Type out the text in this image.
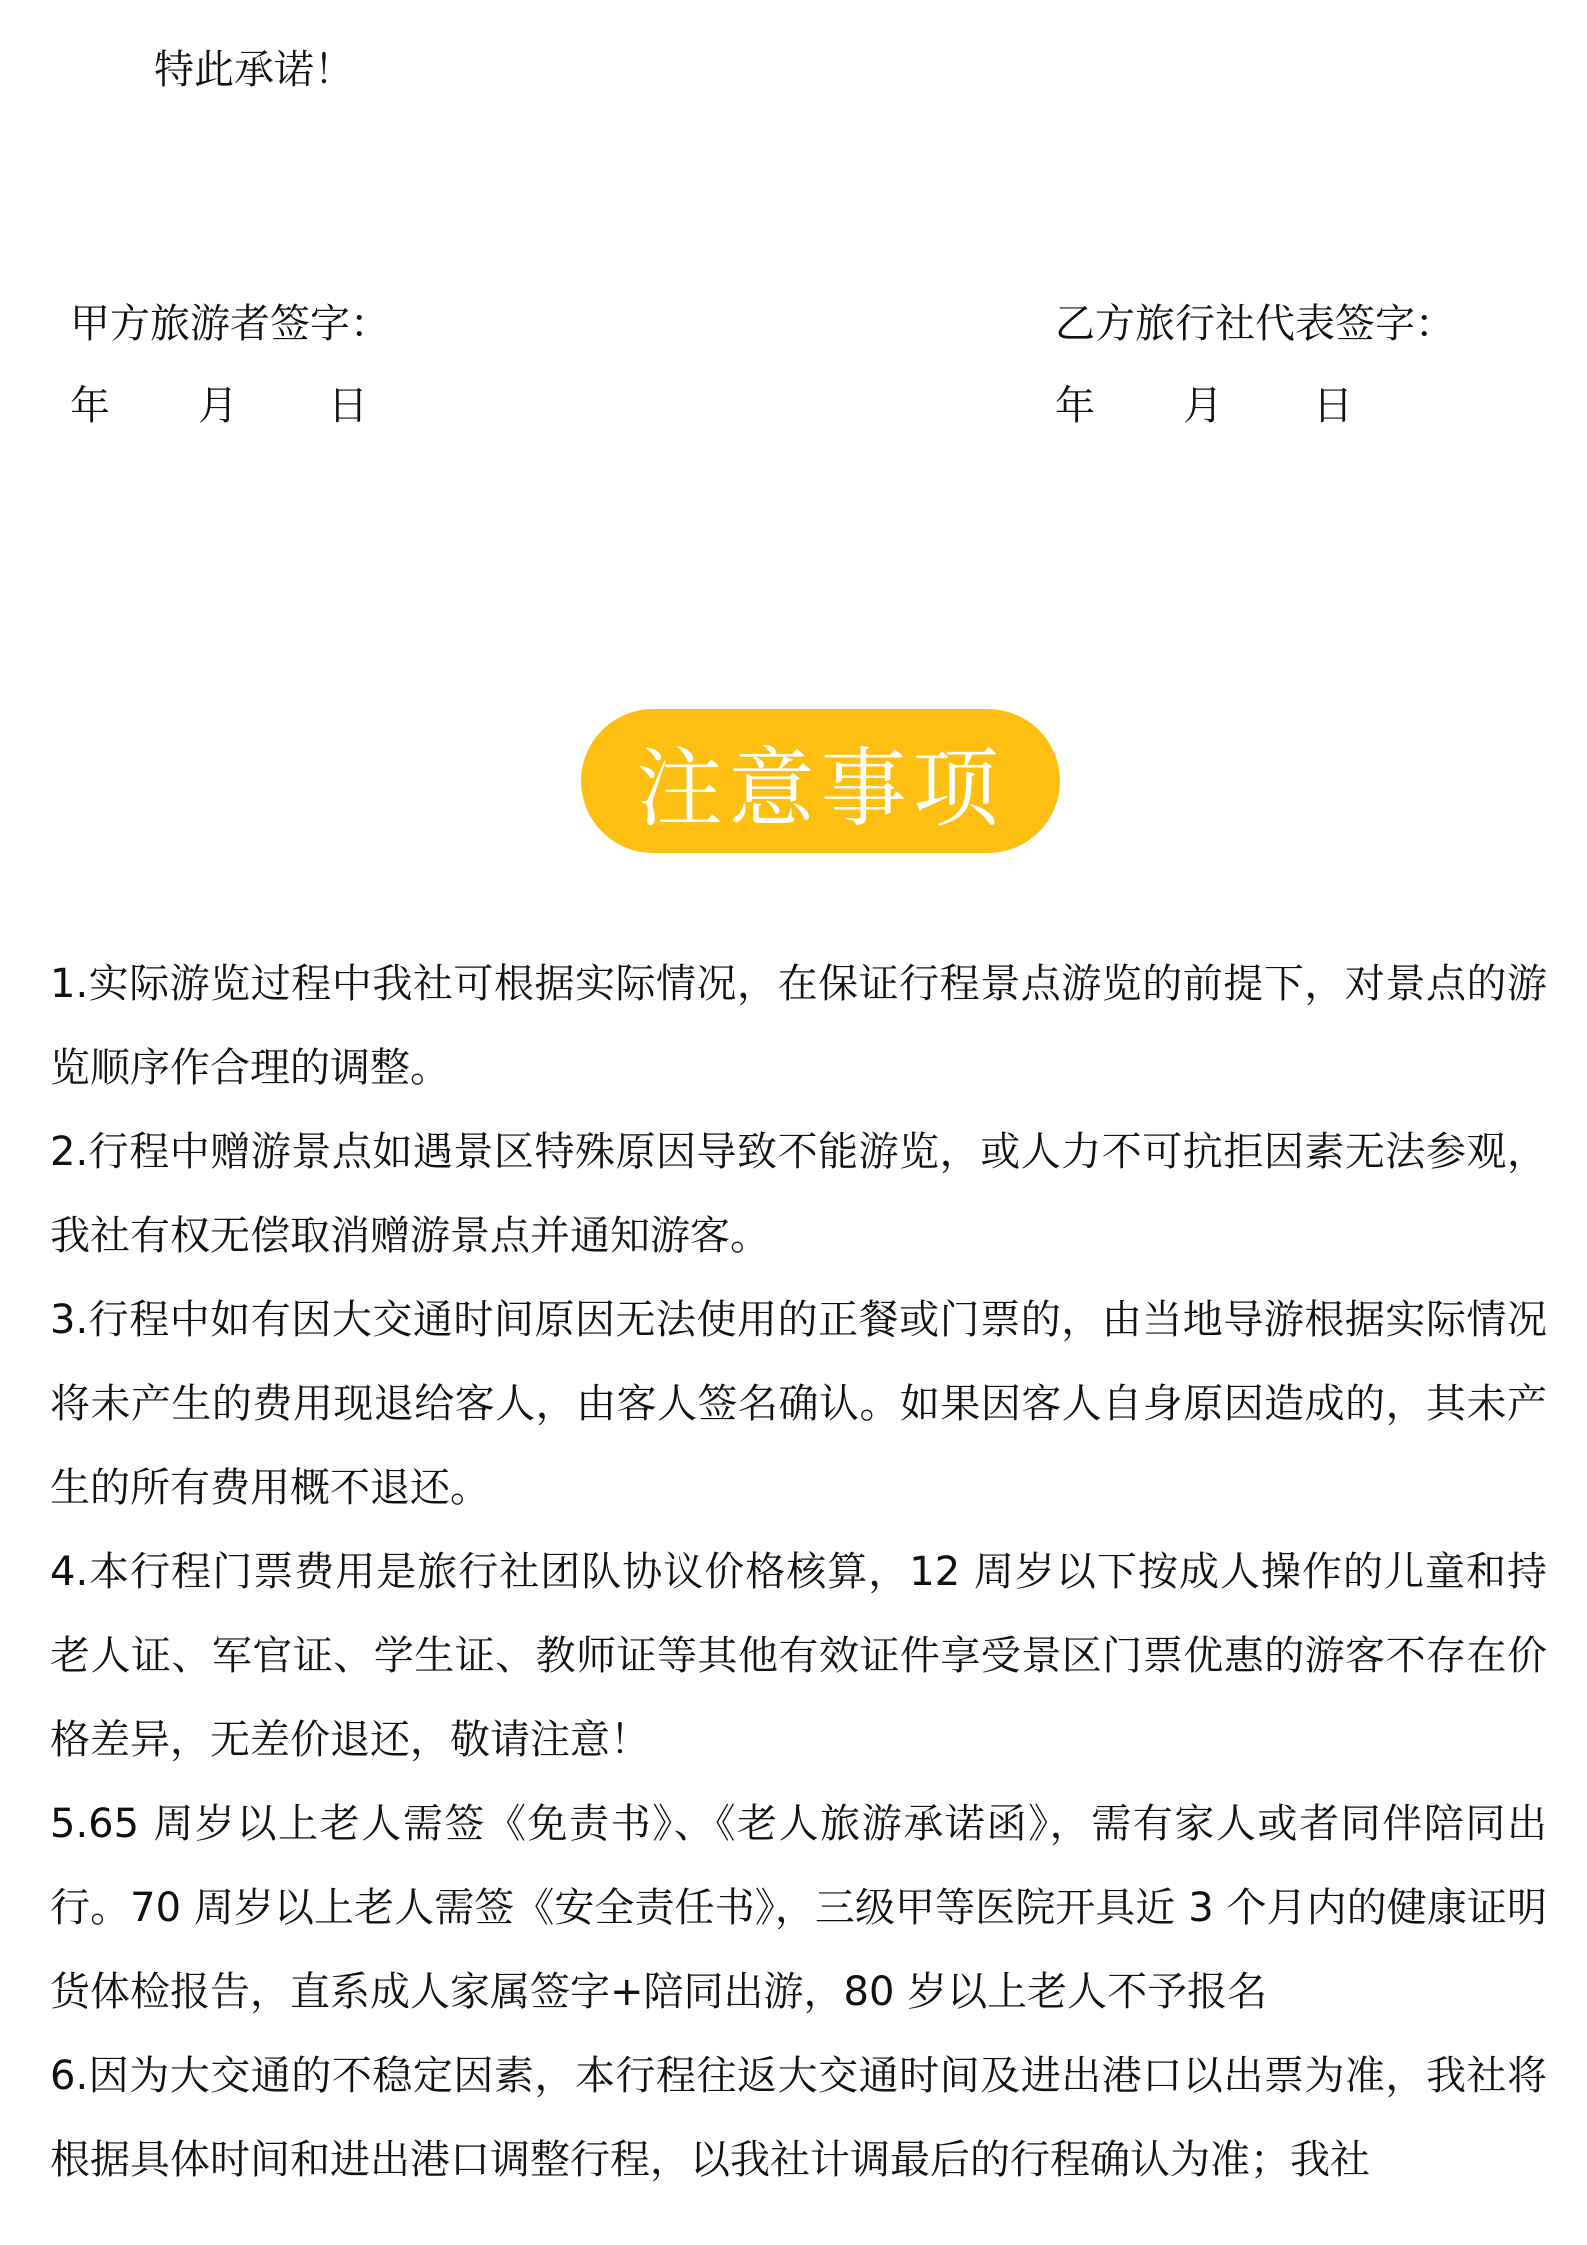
特此承诺！
甲方旅游者签字：
年	月	日
乙方旅行社代表签字：
年	月	日
注意事项

1.实际游览过程中我社可根据实际情况，在保证行程景点游览的前提下，对景点的游览顺序作合理的调整。

2.行程中赠游景点如遇景区特殊原因导致不能游览，或人力不可抗拒因素无法参观，我社有权无偿取消赠游景点并通知游客。

3.行程中如有因大交通时间原因无法使用的正餐或门票的，由当地导游根据实际情况将未产生的费用现退给客人，由客人签名确认。如果因客人自身原因造成的，其未产生的所有费用概不退还。

4.本行程门票费用是旅行社团队协议价格核算，12 周岁以下按成人操作的儿童和持老人证、军官证、学生证、教师证等其他有效证件享受景区门票优惠的游客不存在价格差异，无差价退还，敬请注意！

5.65 周岁以上老人需签《免责书》、《老人旅游承诺函》，需有家人或者同伴陪同出行。70 周岁以上老人需签《安全责任书》，三级甲等医院开具近 3 个月内的健康证明货体检报告，直系成人家属签字+陪同出游，80 岁以上老人不予报名

6.因为大交通的不稳定因素，本行程往返大交通时间及进出港口以出票为准，我社将根据具体时间和进出港口调整行程，以我社计调最后的行程确认为准；我社
